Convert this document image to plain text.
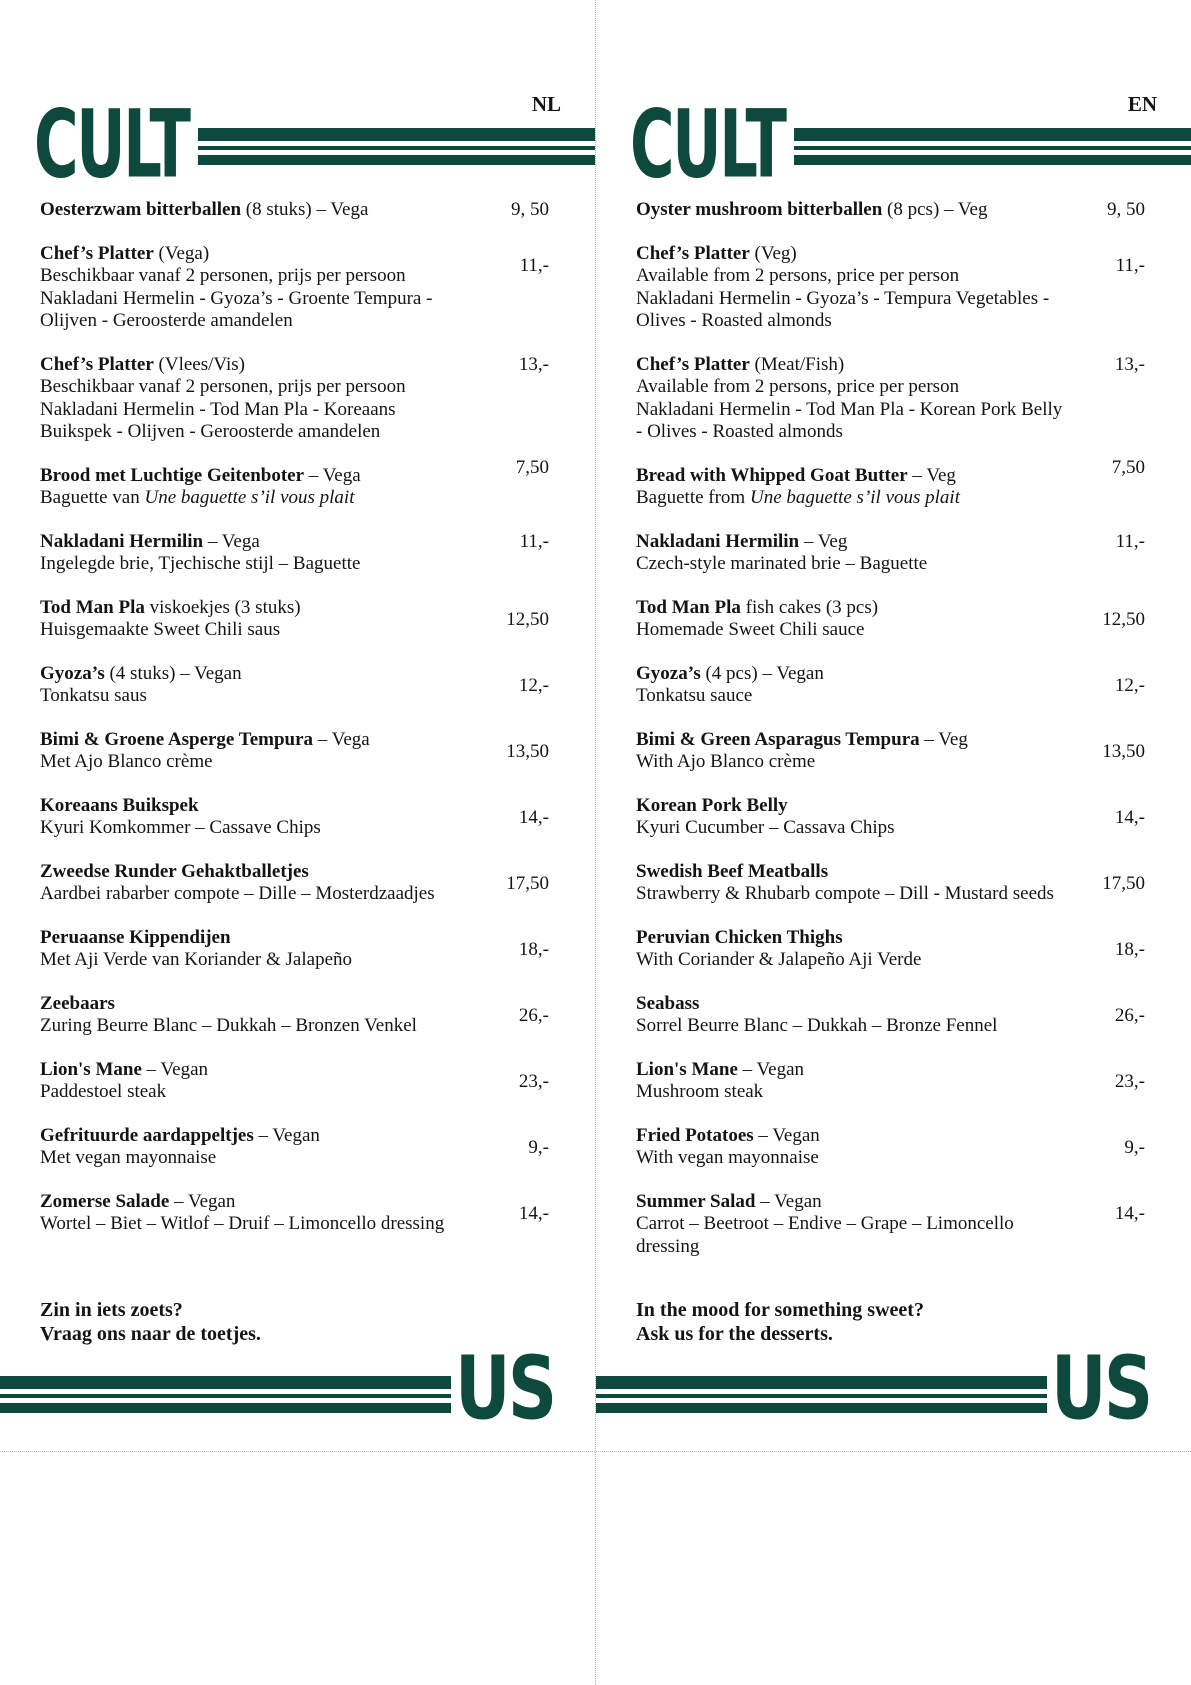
CULT	NL
Oesterzwam bitterballen (8 stuks) – Vega	9, 50
Chef’s Platter (Vega)
Beschikbaar vanaf 2 personen, prijs per persoon
Nakladani Hermelin - Gyoza’s - Groente Tempura -
Olijven - Geroosterde amandelen
11,-
Chef’s Platter (Vlees/Vis)
Beschikbaar vanaf 2 personen, prijs per persoon
Nakladani Hermelin - Tod Man Pla - Koreaans
Buikspek - Olijven - Geroosterde amandelen
13,-
Brood met Luchtige Geitenboter – Vega
Baguette van Une baguette s’il vous plait
7,50
Nakladani Hermilin – Vega
Ingelegde brie, Tjechische stijl – Baguette
11,-
Tod Man Pla viskoekjes (3 stuks)
Huisgemaakte Sweet Chili saus	12,50
Gyoza’s (4 stuks) – Vegan
Tonkatsu saus	12,-
Bimi & Groene Asperge Tempura – Vega
Met Ajo Blanco crème	13,50
Koreaans Buikspek
Kyuri Komkommer – Cassave Chips	14,-
Zweedse Runder Gehaktballetjes
Aardbei rabarber compote – Dille – Mosterdzaadjes	17,50
Peruaanse Kippendijen
Met Aji Verde van Koriander & Jalapeño	18,-
Zeebaars
Zuring Beurre Blanc – Dukkah – Bronzen Venkel	26,-
Lion's Mane – Vegan
Paddestoel steak	23,-
Gefrituurde aardappeltjes – Vegan
Met vegan mayonnaise	9,-
Zomerse Salade – Vegan
Wortel – Biet – Witlof – Druif – Limoncello dressing	14,-
Zin in iets zoets?
Vraag ons naar de toetjes.
US
CULT	EN
Oyster mushroom bitterballen (8 pcs) – Veg	9, 50
Chef’s Platter (Veg)
Available from 2 persons, price per person
Nakladani Hermelin - Gyoza’s - Tempura Vegetables -
Olives - Roasted almonds
11,-
Chef’s Platter (Meat/Fish)
Available from 2 persons, price per person
Nakladani Hermelin - Tod Man Pla - Korean Pork Belly
- Olives - Roasted almonds
13,-
Bread with Whipped Goat Butter – Veg
Baguette from Une baguette s’il vous plait
7,50
Nakladani Hermilin – Veg
Czech-style marinated brie – Baguette
11,-
Tod Man Pla fish cakes (3 pcs)
Homemade Sweet Chili sauce	12,50
Gyoza’s (4 pcs) – Vegan
Tonkatsu sauce	12,-
Bimi & Green Asparagus Tempura – Veg
With Ajo Blanco crème	13,50
Korean Pork Belly
Kyuri Cucumber – Cassava Chips	14,-
Swedish Beef Meatballs
Strawberry & Rhubarb compote – Dill - Mustard seeds	17,50
Peruvian Chicken Thighs
With Coriander & Jalapeño Aji Verde	18,-
Seabass
Sorrel Beurre Blanc – Dukkah – Bronze Fennel	26,-
Lion's Mane – Vegan
Mushroom steak	23,-
Fried Potatoes – Vegan
With vegan mayonnaise	9,-
Summer Salad – Vegan
Carrot – Beetroot – Endive – Grape – Limoncello
dressing
14,-
In the mood for something sweet?
Ask us for the desserts.
US
